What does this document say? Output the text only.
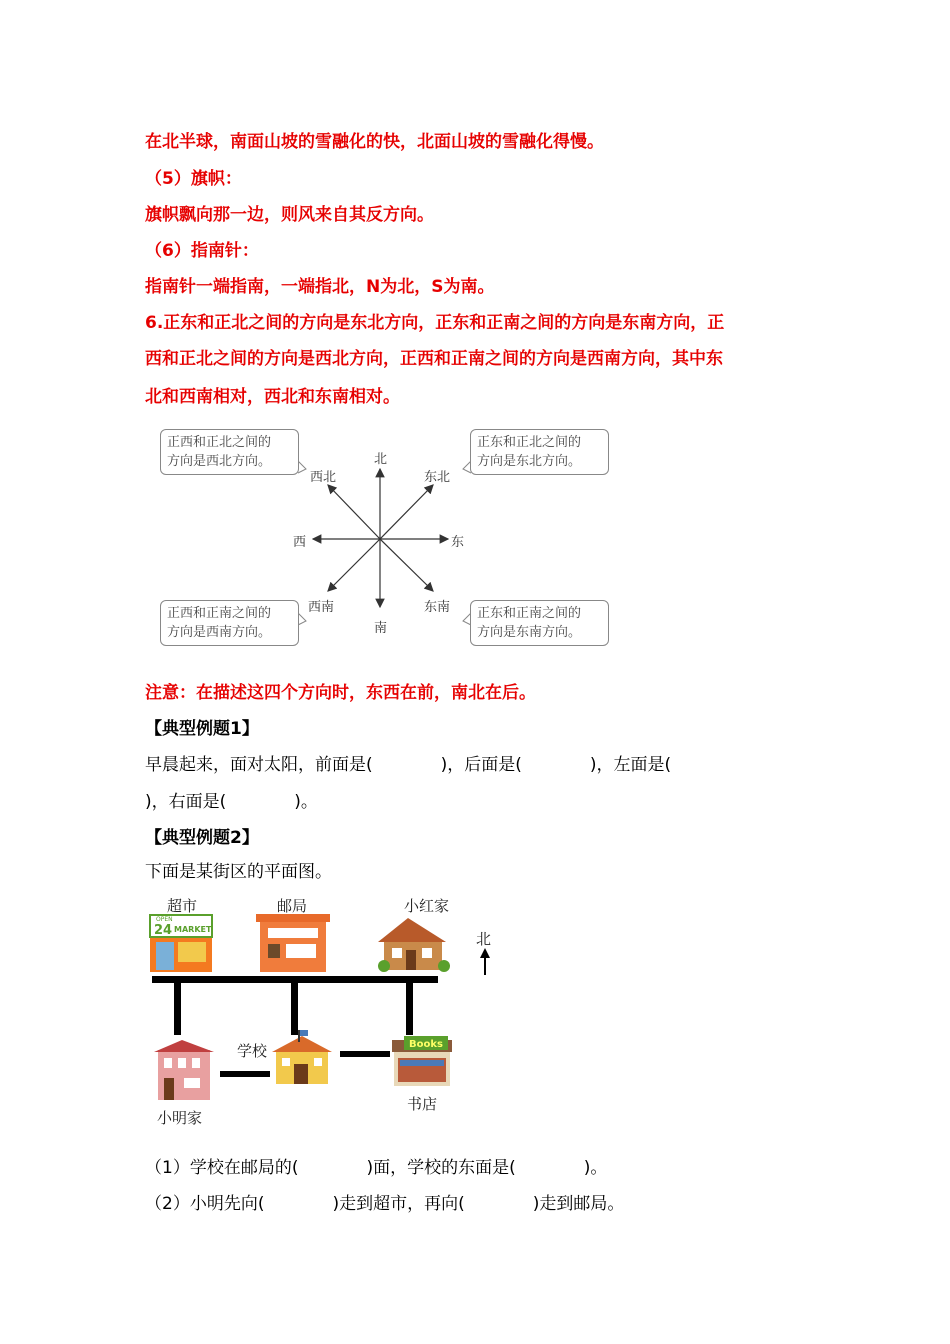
在北半球，南面山坡的雪融化的快，北面山坡的雪融化得慢。
（5）旗帜：
旗帜飘向那一边，则风来自其反方向。
（6）指南针：
指南针一端指南，一端指北，N为北，S为南。
6.正东和正北之间的方向是东北方向，正东和正南之间的方向是东南方向，正
西和正北之间的方向是西北方向，正西和正南之间的方向是西南方向，其中东
北和西南相对，西北和东南相对。
正西和正北之间的
方向是西北方向。
正东和正北之间的
方向是东北方向。
正西和正南之间的
方向是西南方向。
正东和正南之间的
方向是东南方向。
北
南
东
西
西北	东北
西南	东南
注意：在描述这四个方向时，东西在前，南北在后。
【典型例题1】
早晨起来，面对太阳，前面是(　　　　)，后面是(　　　　)，左面是(
)，右面是(　　　　)。
【典型例题2】
下面是某街区的平面图。
OPEN
24 MARKET
Books
超市	邮局	小红家
北
学校
小明家
书店
（1）学校在邮局的(　　　　)面，学校的东面是(　　　　)。
（2）小明先向(　　　　)走到超市，再向(　　　　)走到邮局。
